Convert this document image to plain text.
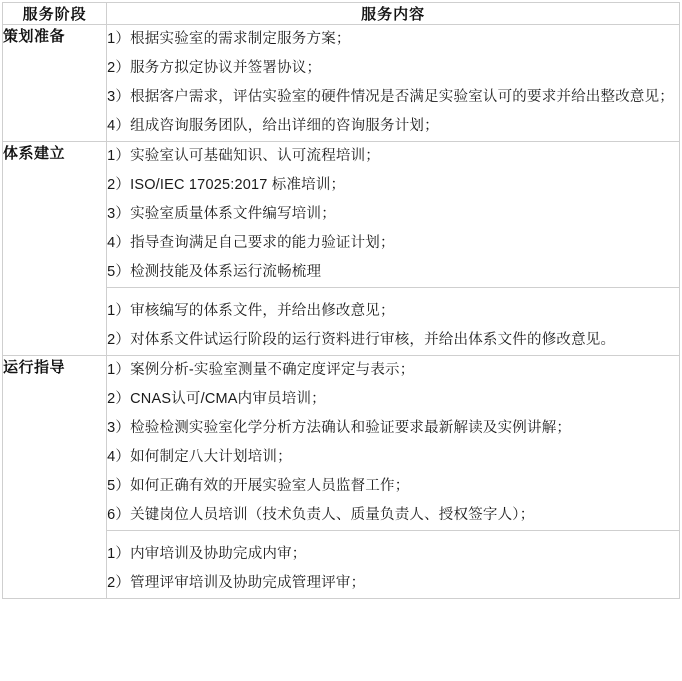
服务阶段	服务内容
策划准备	1）根据实验室的需求制定服务方案；
2）服务方拟定协议并签署协议；
3）根据客户需求，评估实验室的硬件情况是否满足实验室认可的要求并给出整改意见；
4）组成咨询服务团队，给出详细的咨询服务计划；

体系建立	1）实验室认可基础知识、认可流程培训；
2）ISO/IEC 17025:2017 标准培训；
3）实验室质量体系文件编写培训；
4）指导查询满足自己要求的能力验证计划；
5）检测技能及体系运行流畅梳理

	1）审核编写的体系文件，并给出修改意见；
2）对体系文件试运行阶段的运行资料进行审核，并给出体系文件的修改意见。

运行指导	1）案例分析-实验室测量不确定度评定与表示；
2）CNAS认可/CMA内审员培训；
3）检验检测实验室化学分析方法确认和验证要求最新解读及实例讲解；
4）如何制定八大计划培训；
5）如何正确有效的开展实验室人员监督工作；
6）关键岗位人员培训（技术负责人、质量负责人、授权签字人）；

	1）内审培训及协助完成内审；
2）管理评审培训及协助完成管理评审；
